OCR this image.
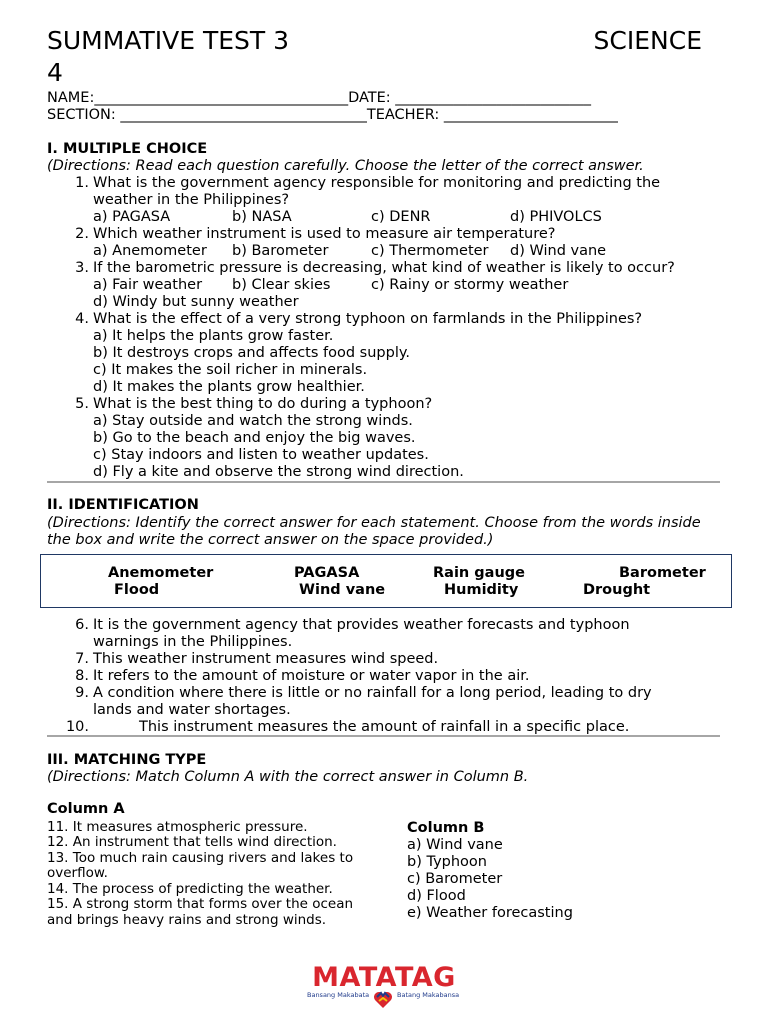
SUMMATIVE TEST 3	SCIENCE
4
NAME:___________________________________DATE: ___________________________
SECTION: __________________________________TEACHER: ________________________
I. MULTIPLE CHOICE
(Directions: Read each question carefully. Choose the letter of the correct answer.
1. What is the government agency responsible for monitoring and predicting the
weather in the Philippines?
a) PAGASA	b) NASA	c) DENR	d) PHIVOLCS
2. Which weather instrument is used to measure air temperature?
a) Anemometer b) Barometer	c) Thermometer d) Wind vane
3. If the barometric pressure is decreasing, what kind of weather is likely to occur?
a) Fair weather b) Clear skies	c) Rainy or stormy weather
d) Windy but sunny weather
4. What is the effect of a very strong typhoon on farmlands in the Philippines?
a) It helps the plants grow faster.
b) It destroys crops and affects food supply.
c) It makes the soil richer in minerals.
d) It makes the plants grow healthier.
5. What is the best thing to do during a typhoon?
a) Stay outside and watch the strong winds.
b) Go to the beach and enjoy the big waves.
c) Stay indoors and listen to weather updates.
d) Fly a kite and observe the strong wind direction.
II. IDENTIFICATION
(Directions: Identify the correct answer for each statement. Choose from the words inside the box and write the correct answer on the space provided.)
Anemometer	PAGASA	Rain gauge	Barometer
Flood	Wind vane	Humidity	Drought
6. It is the government agency that provides weather forecasts and typhoon
warnings in the Philippines.
7. This weather instrument measures wind speed.
8. It refers to the amount of moisture or water vapor in the air.
9. A condition where there is little or no rainfall for a long period, leading to dry
lands and water shortages.
10.	This instrument measures the amount of rainfall in a specific place.
III. MATCHING TYPE
(Directions: Match Column A with the correct answer in Column B.
Column A
11. It measures atmospheric pressure.
12. An instrument that tells wind direction.
13. Too much rain causing rivers and lakes to overflow.
14. The process of predicting the weather.
15. A strong storm that forms over the ocean and brings heavy rains and strong winds.
Column B
a) Wind vane
b) Typhoon
c) Barometer
d) Flood
e) Weather forecasting
MATATAG
Bansang Makabata	Batang Makabansa
